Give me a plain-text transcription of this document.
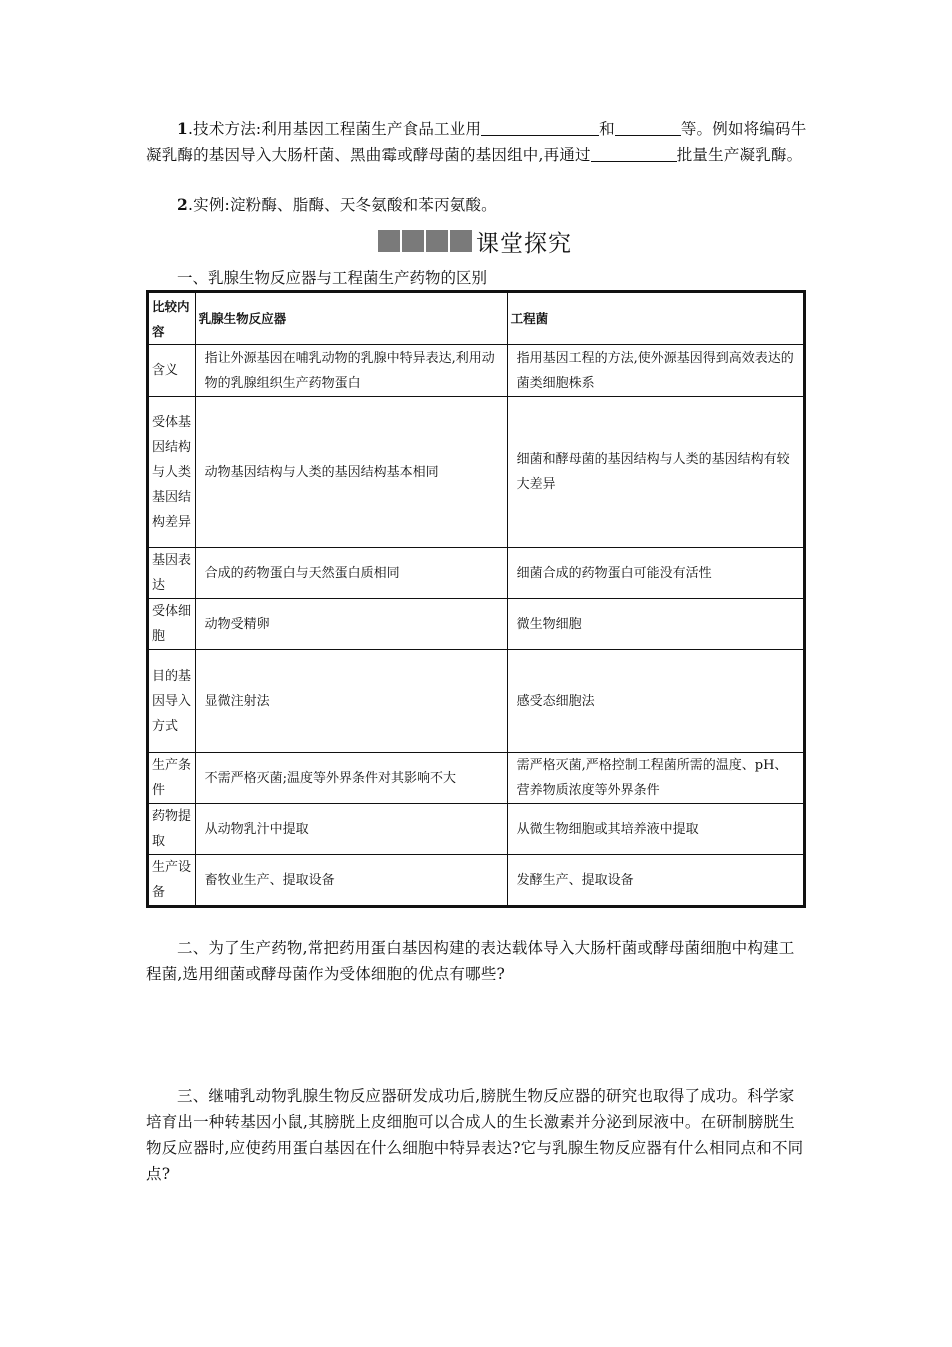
1.技术方法:利用基因工程菌生产食品工业用	和	等。例如将编码牛凝乳酶的基因导入大肠杆菌、黑曲霉或酵母菌的基因组中,再通过	批量生产凝乳酶。
2.实例:淀粉酶、脂酶、天冬氨酸和苯丙氨酸。
课堂探究
一、乳腺生物反应器与工程菌生产药物的区别
比较内容	乳腺生物反应器	工程菌
含义	指让外源基因在哺乳动物的乳腺中特异表达,利用动物的乳腺组织生产药物蛋白	指用基因工程的方法,使外源基因得到高效表达的菌类细胞株系
受体基因结构与人类基因结构差异	动物基因结构与人类的基因结构基本相同	细菌和酵母菌的基因结构与人类的基因结构有较大差异
基因表达	合成的药物蛋白与天然蛋白质相同	细菌合成的药物蛋白可能没有活性
受体细胞	动物受精卵	微生物细胞
目的基因导入方式	显微注射法	感受态细胞法
生产条件	不需严格灭菌;温度等外界条件对其影响不大	需严格灭菌,严格控制工程菌所需的温度、pH、营养物质浓度等外界条件
药物提取	从动物乳汁中提取	从微生物细胞或其培养液中提取
生产设备	畜牧业生产、提取设备	发酵生产、提取设备
二、为了生产药物,常把药用蛋白基因构建的表达载体导入大肠杆菌或酵母菌细胞中构建工程菌,选用细菌或酵母菌作为受体细胞的优点有哪些?
三、继哺乳动物乳腺生物反应器研发成功后,膀胱生物反应器的研究也取得了成功。科学家培育出一种转基因小鼠,其膀胱上皮细胞可以合成人的生长激素并分泌到尿液中。在研制膀胱生物反应器时,应使药用蛋白基因在什么细胞中特异表达?它与乳腺生物反应器有什么相同点和不同点?
